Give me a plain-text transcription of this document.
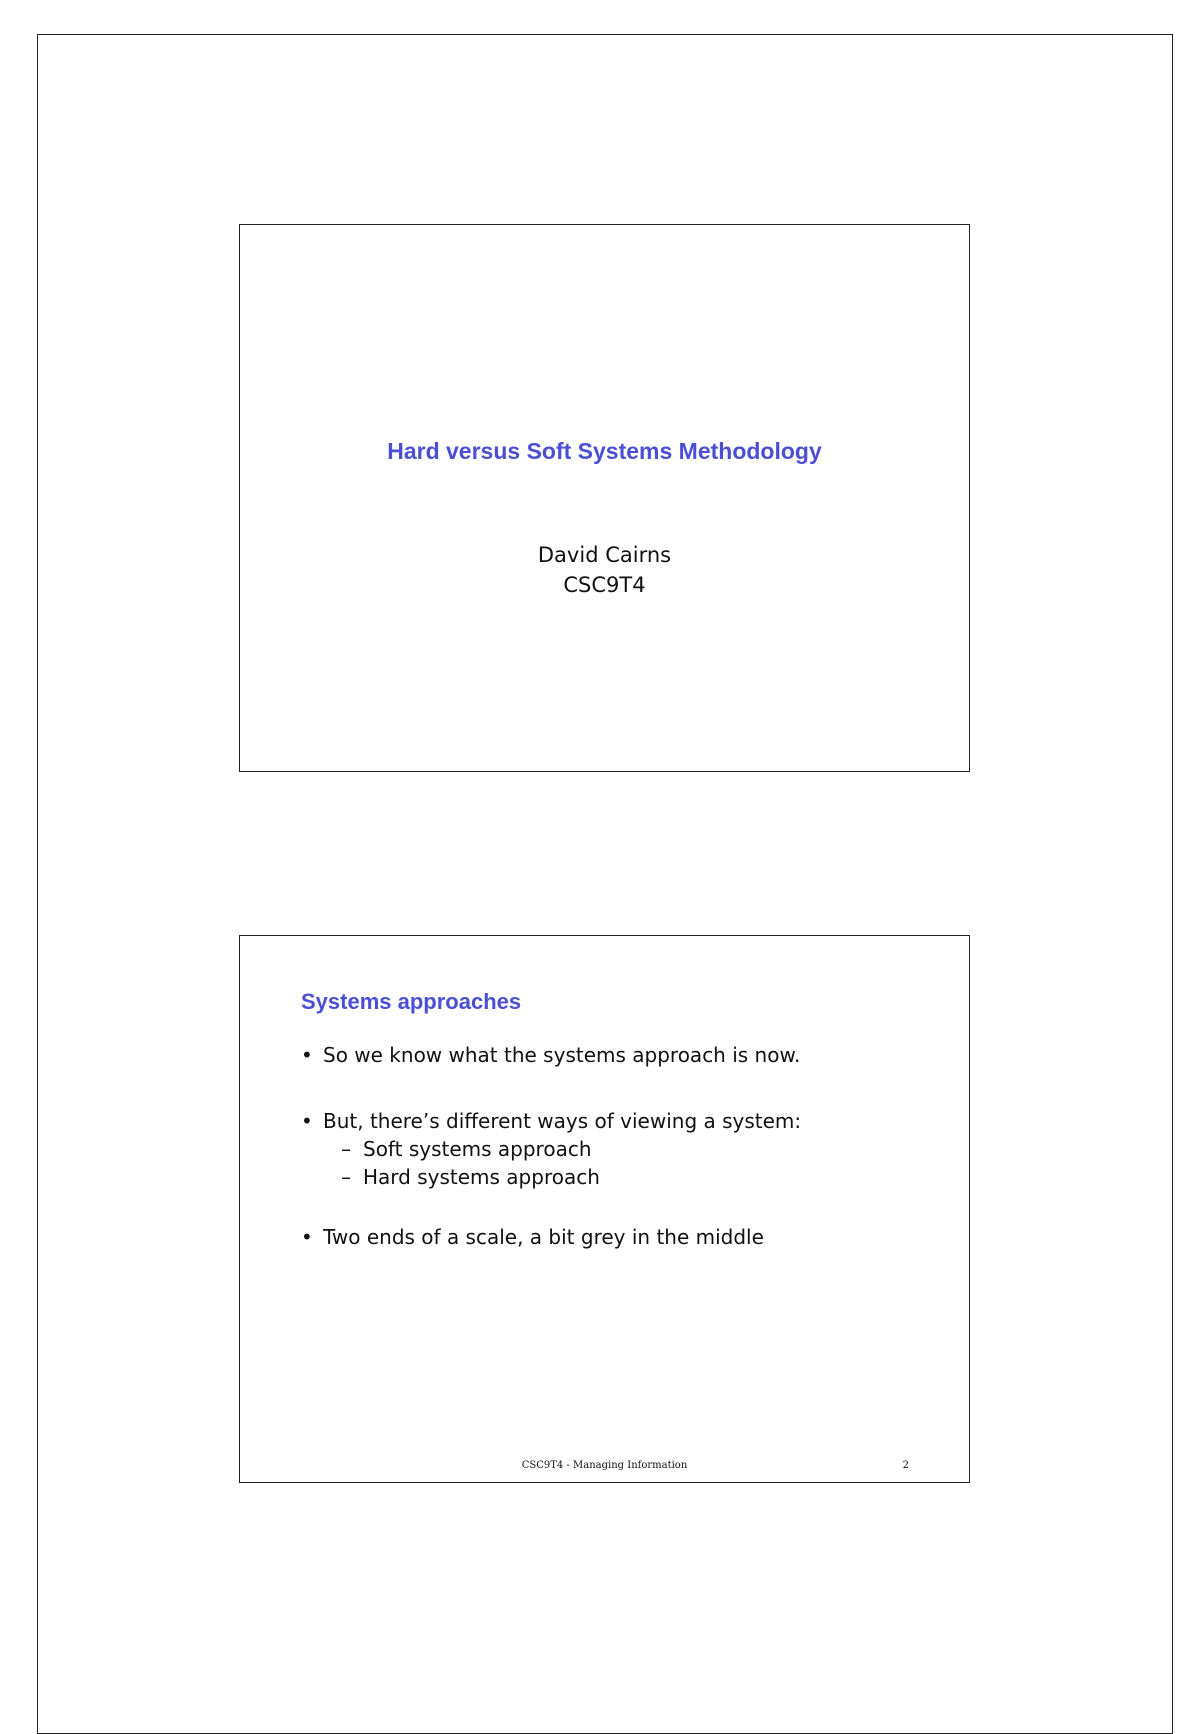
Hard versus Soft Systems Methodology
David Cairns
CSC9T4
Systems approaches
• So we know what the systems approach is now.
• But, there’s different ways of viewing a system:
– Soft systems approach
– Hard systems approach
• Two ends of a scale, a bit grey in the middle
CSC9T4 - Managing Information	2
